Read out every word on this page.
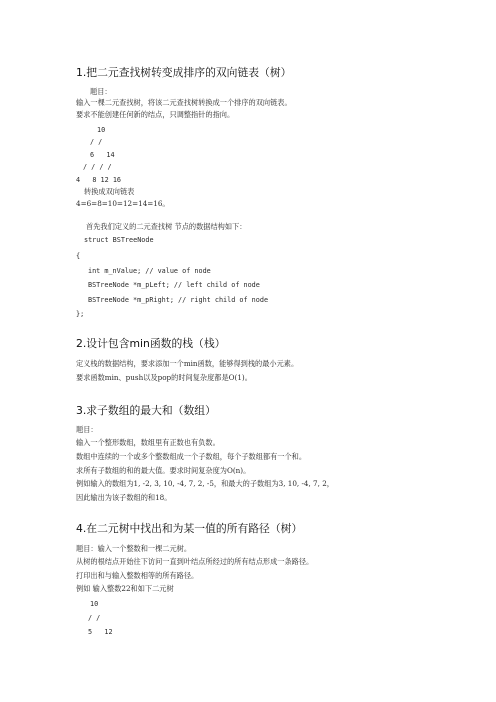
1.把二元查找树转变成排序的双向链表（树）
题目：
输入一棵二元查找树，将该二元查找树转换成一个排序的双向链表。
要求不能创建任何新的结点，只调整指针的指向。
10
/ /
6   14
/ / / /
4   8 12 16
转换成双向链表
4=6=8=10=12=14=16。
首先我们定义的二元查找树 节点的数据结构如下：
struct BSTreeNode
{
int m_nValue; // value of node
BSTreeNode *m_pLeft; // left child of node
BSTreeNode *m_pRight; // right child of node
};
2.设计包含min函数的栈（栈）
定义栈的数据结构，要求添加一个min函数，能够得到栈的最小元素。
要求函数min、push以及pop的时间复杂度都是O(1)。
3.求子数组的最大和（数组）
题目：
输入一个整形数组，数组里有正数也有负数。
数组中连续的一个或多个整数组成一个子数组，每个子数组都有一个和。
求所有子数组的和的最大值。要求时间复杂度为O(n)。
例如输入的数组为1, -2, 3, 10, -4, 7, 2, -5，和最大的子数组为3, 10, -4, 7, 2，
因此输出为该子数组的和18。
4.在二元树中找出和为某一值的所有路径（树）
题目：输入一个整数和一棵二元树。
从树的根结点开始往下访问一直到叶结点所经过的所有结点形成一条路径。
打印出和与输入整数相等的所有路径。
例如 输入整数22和如下二元树
10
/ /
5   12
